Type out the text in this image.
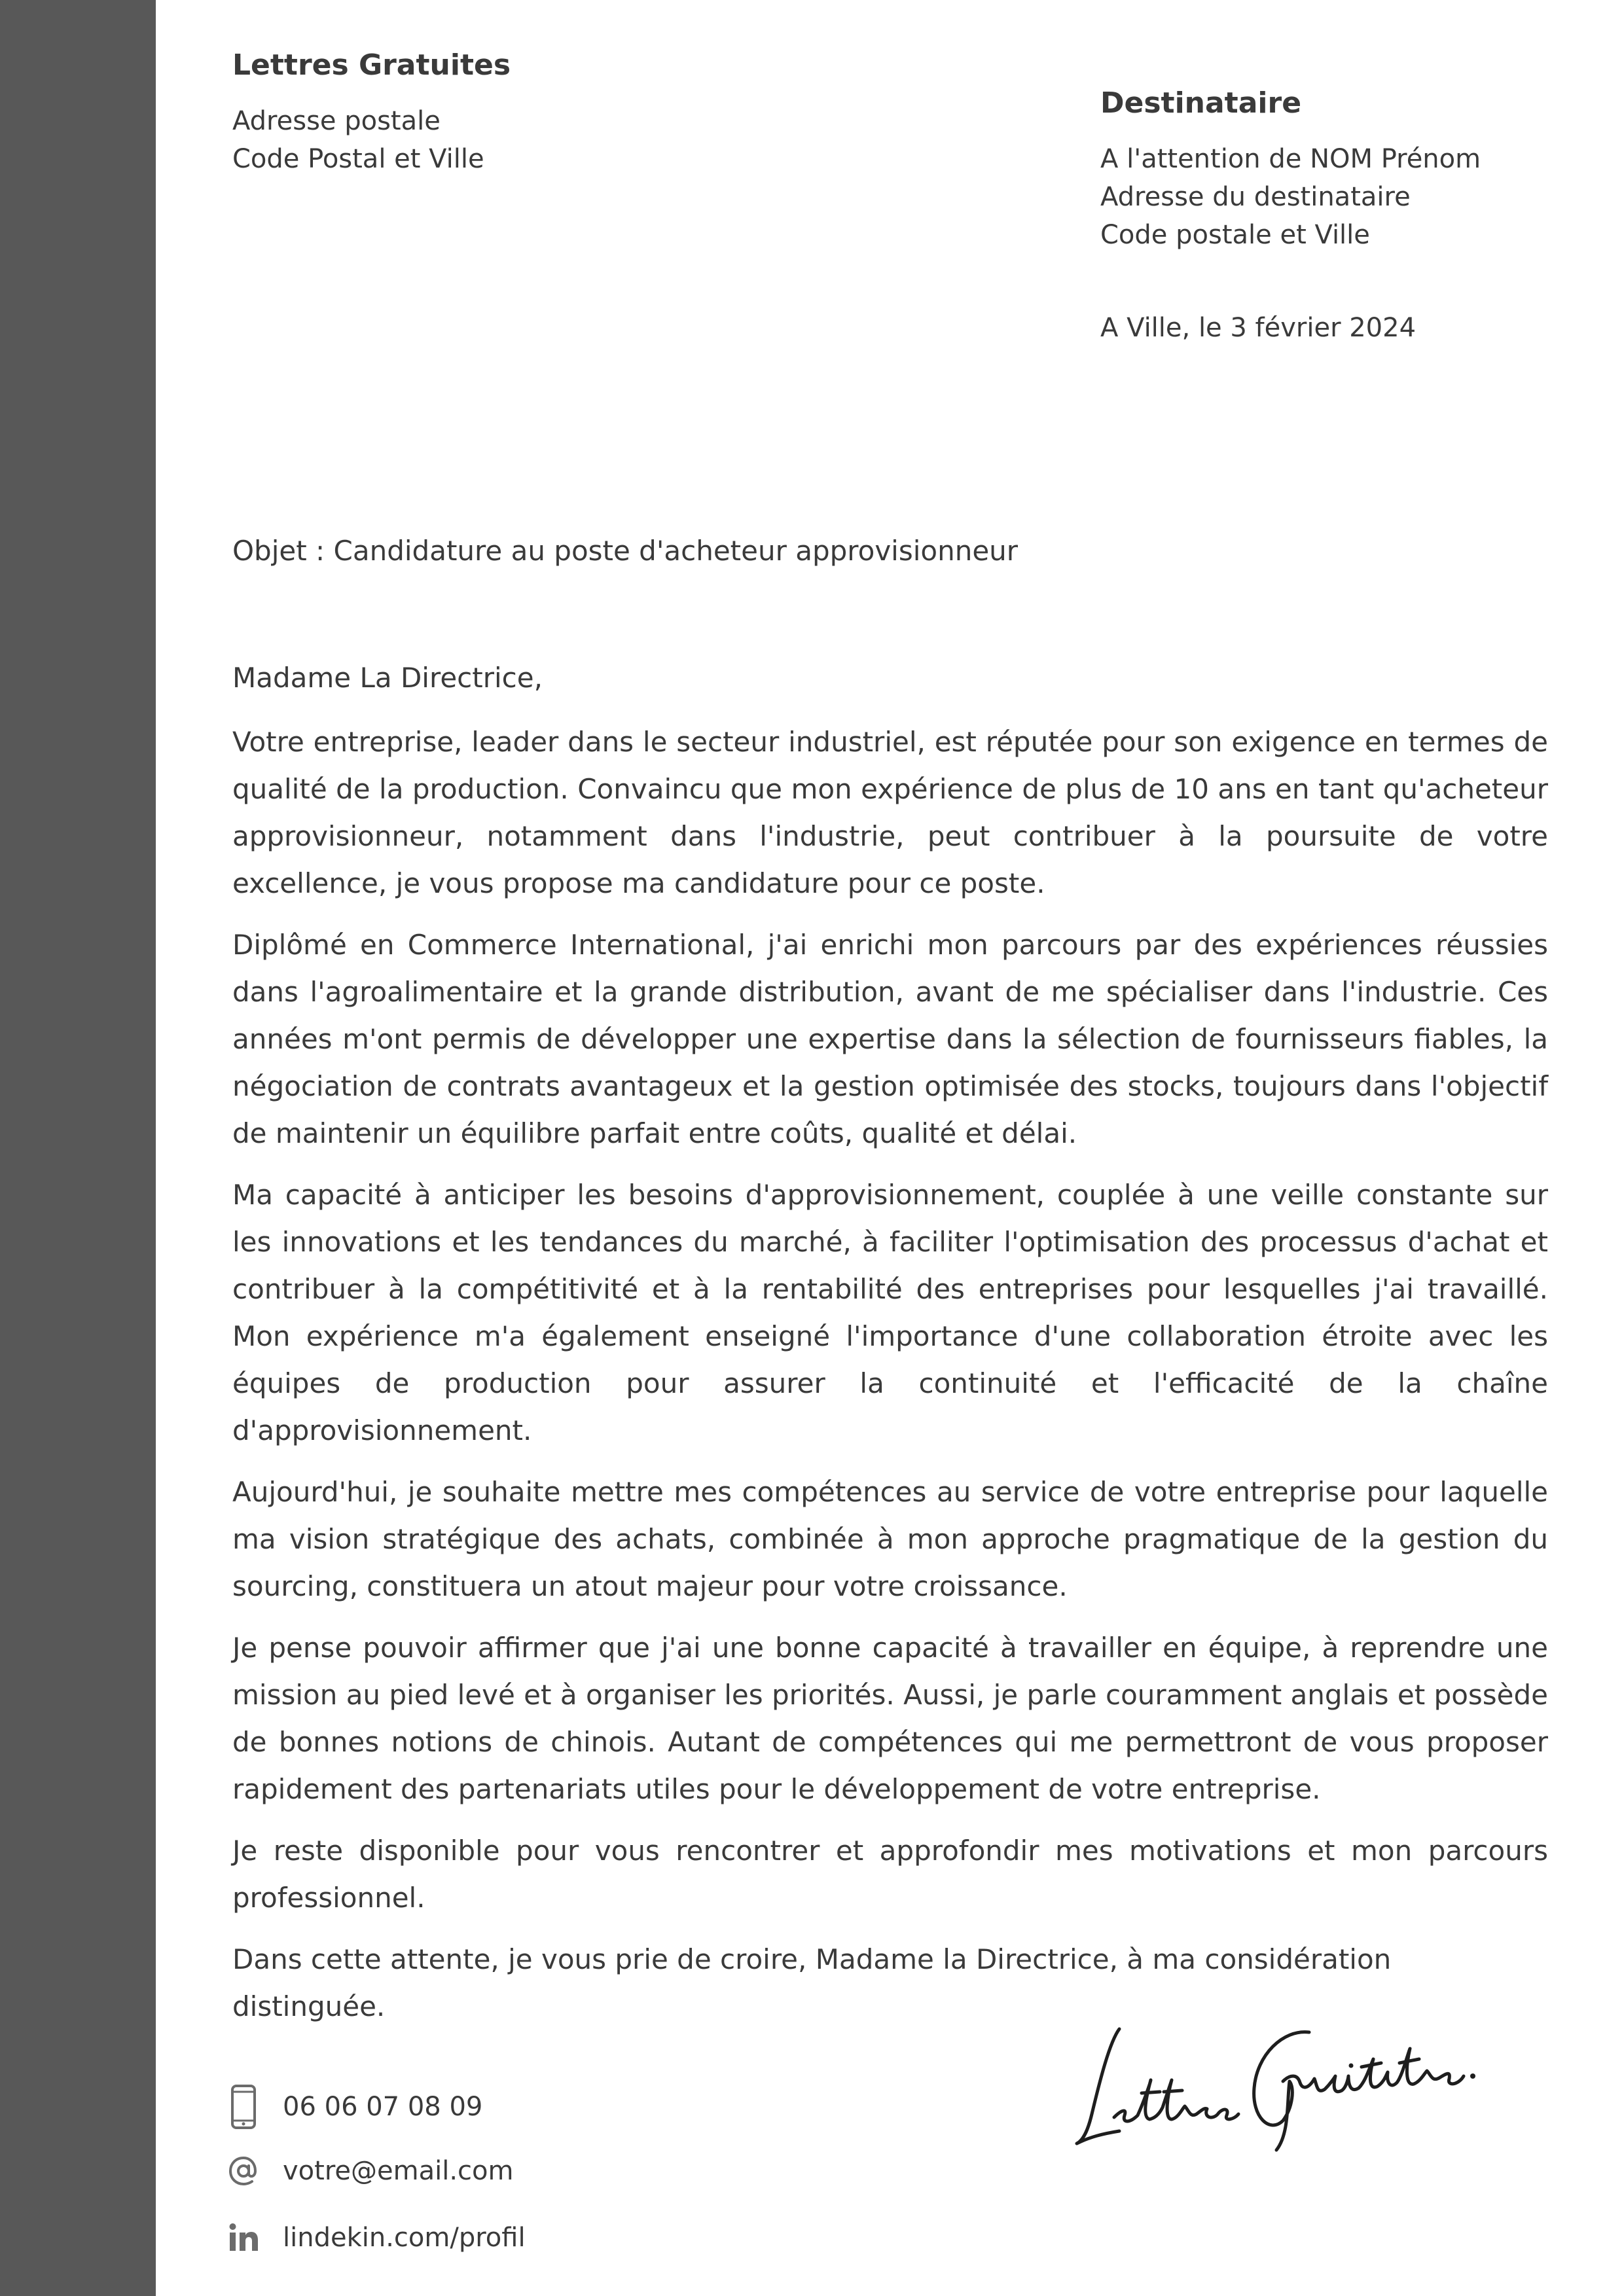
Lettres Gratuites
Adresse postale
Code Postal et Ville
Destinataire
A l'attention de NOM Prénom
Adresse du destinataire
Code postale et Ville
A Ville, le 3 février 2024
Objet : Candidature au poste d'acheteur approvisionneur
Madame La Directrice,

Votre entreprise, leader dans le secteur industriel, est réputée pour son exigence en termes de qualité de la production. Convaincu que mon expérience de plus de 10 ans en tant qu'acheteur approvisionneur, notamment dans l'industrie, peut contribuer à la poursuite de votre excellence, je vous propose ma candidature pour ce poste.

Diplômé en Commerce International, j'ai enrichi mon parcours par des expériences réussies dans l'agroalimentaire et la grande distribution, avant de me spécialiser dans l'industrie. Ces années m'ont permis de développer une expertise dans la sélection de fournisseurs fiables, la négociation de contrats avantageux et la gestion optimisée des stocks, toujours dans l'objectif de maintenir un équilibre parfait entre coûts, qualité et délai.

Ma capacité à anticiper les besoins d'approvisionnement, couplée à une veille constante sur les innovations et les tendances du marché, à faciliter l'optimisation des processus d'achat et contribuer à la compétitivité et à la rentabilité des entreprises pour lesquelles j'ai travaillé. Mon expérience m'a également enseigné l'importance d'une collaboration étroite avec les équipes de production pour assurer la continuité et l'efficacité de la chaîne d'approvisionnement.

Aujourd'hui, je souhaite mettre mes compétences au service de votre entreprise pour laquelle ma vision stratégique des achats, combinée à mon approche pragmatique de la gestion du sourcing, constituera un atout majeur pour votre croissance.

Je pense pouvoir affirmer que j'ai une bonne capacité à travailler en équipe, à reprendre une mission au pied levé et à organiser les priorités. Aussi, je parle couramment anglais et possède de bonnes notions de chinois. Autant de compétences qui me permettront de vous proposer rapidement des partenariats utiles pour le développement de votre entreprise.

Je reste disponible pour vous rencontrer et approfondir mes motivations et mon parcours professionnel.

Dans cette attente, je vous prie de croire, Madame la Directrice, à ma considération distinguée.

06 06 07 08 09
votre@email.com
lindekin.com/profil
